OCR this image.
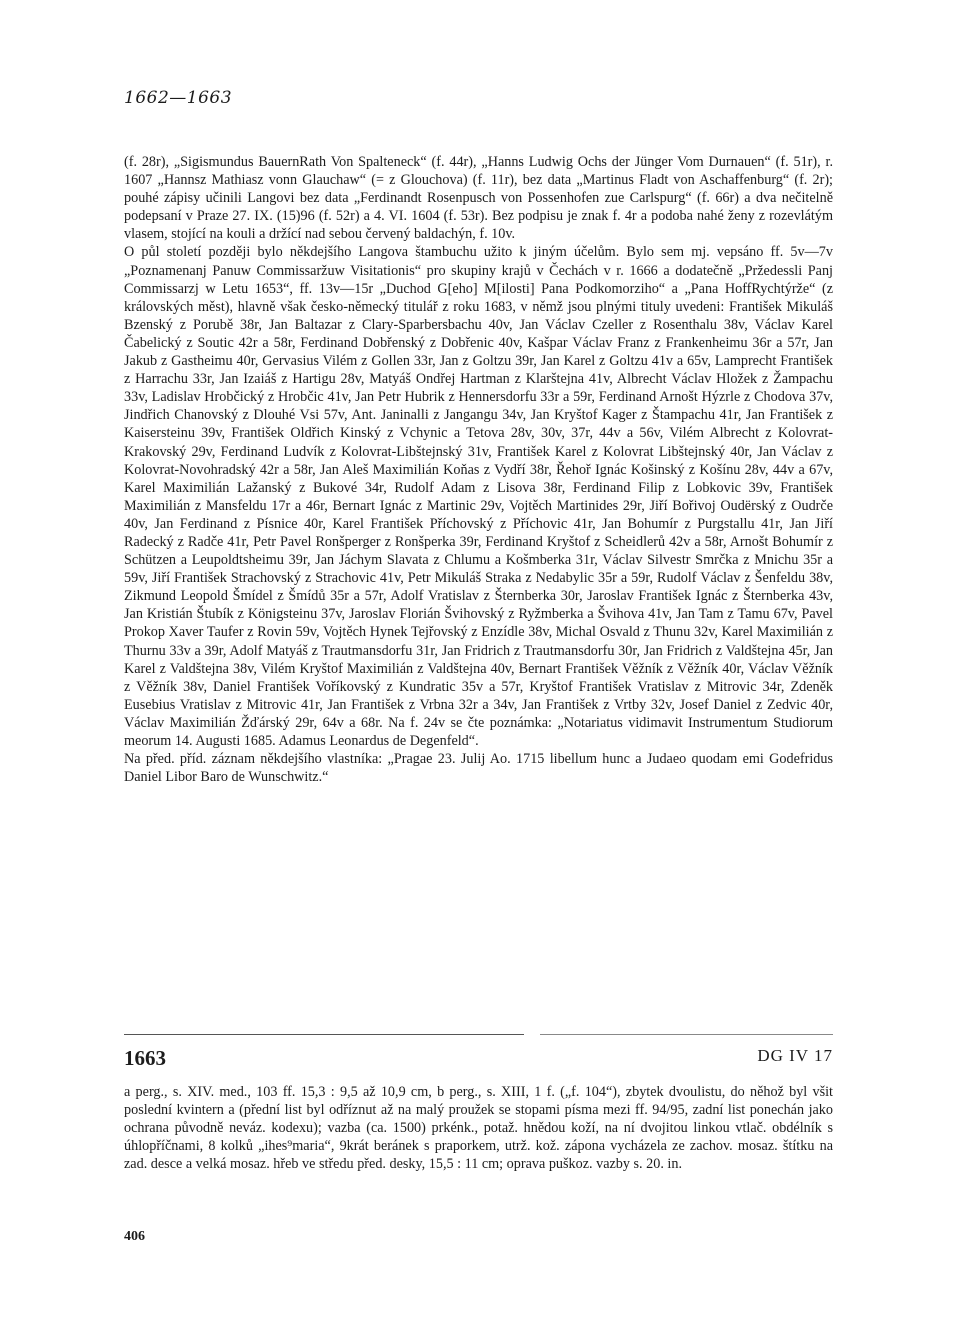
1662—1663

(f. 28r), „Sigismundus BauernRath Von Spalteneck“ (f. 44r), „Hanns Ludwig Ochs der Jünger Vom Durnauen“ (f. 51r), r. 1607 „Hannsz Mathiasz vonn Glauchaw“ (= z Glouchova) (f. 11r), bez data „Martinus Fladt von Aschaffenburg“ (f. 2r); pouhé zápisy učinili Langovi bez data „Ferdinandt Rosenpusch von Possenhofen zue Carlspurg“ (f. 66r) a dva nečitelně podepsaní v Praze 27. IX. (15)96 (f. 52r) a 4. VI. 1604 (f. 53r). Bez podpisu je znak f. 4r a podoba nahé ženy z rozevlátým vlasem, stojící na kouli a držící nad sebou červený baldachýn, f. 10v.

O půl století později bylo někdejšího Langova štambuchu užito k jiným účelům. Bylo sem mj. vepsáno ff. 5v—7v „Poznamenanj Panuw Commissaržuw Visitationis“ pro skupiny krajů v Čechách v r. 1666 a dodatečně „Pržedessli Panj Commissarzj w Letu 1653“, ff. 13v—15r „Duchod G[eho] M[ilosti] Pana Podkomorziho“ a „Pana HoffRychtýrže“ (z královských měst), hlavně však česko-německý titulář z roku 1683, v němž jsou plnými tituly uvedeni: František Mikuláš Bzenský z Porubě 38r, Jan Baltazar z Clary-Sparbersbachu 40v, Jan Václav Czeller z Rosenthalu 38v, Václav Karel Čabelický z Soutic 42r a 58r, Ferdinand Dobřenský z Dobřenic 40v, Kašpar Václav Franz z Frankenheimu 36r a 57r, Jan Jakub z Gastheimu 40r, Gervasius Vilém z Gollen 33r, Jan z Goltzu 39r, Jan Karel z Goltzu 41v a 65v, Lamprecht František z Harrachu 33r, Jan Izaiáš z Hartigu 28v, Matyáš Ondřej Hartman z Klarštejna 41v, Albrecht Václav Hložek z Žampachu 33v, Ladislav Hrobčický z Hrobčic 41v, Jan Petr Hubrik z Hennersdorfu 33r a 59r, Ferdinand Arnošt Hýzrle z Chodova 37v, Jindřich Chanovský z Dlouhé Vsi 57v, Ant. Janinalli z Jangangu 34v, Jan Kryštof Kager z Štampachu 41r, Jan František z Kaisersteinu 39v, František Oldřich Kinský z Vchynic a Tetova 28v, 30v, 37r, 44v a 56v, Vilém Albrecht z Kolovrat-Krakovský 29v, Ferdinand Ludvík z Kolovrat-Libštejnský 31v, František Karel z Kolovrat Libštejnský 40r, Jan Václav z Kolovrat-Novohradský 42r a 58r, Jan Aleš Maximilián Koňas z Vydří 38r, Řehoř Ignác Košinský z Košínu 28v, 44v a 67v, Karel Maximilián Lažanský z Bukové 34r, Rudolf Adam z Lisova 38r, Ferdinand Filip z Lobkovic 39v, František Maximilián z Mansfeldu 17r a 46r, Bernart Ignác z Martinic 29v, Vojtěch Martinides 29r, Jiří Bořivoj Oudërský z Oudrče 40v, Jan Ferdinand z Písnice 40r, Karel František Příchovský z Příchovic 41r, Jan Bohumír z Purgstallu 41r, Jan Jiří Radecký z Radče 41r, Petr Pavel Ronšperger z Ronšperka 39r, Ferdinand Kryštof z Scheidlerů 42v a 58r, Arnošt Bohumír z Schützen a Leupoldtsheimu 39r, Jan Jáchym Slavata z Chlumu a Košmberka 31r, Václav Silvestr Smrčka z Mnichu 35r a 59v, Jiří František Strachovský z Strachovic 41v, Petr Mikuláš Straka z Nedabylic 35r a 59r, Rudolf Václav z Šenfeldu 38v, Zikmund Leopold Šmídel z Šmídů 35r a 57r, Adolf Vratislav z Šternberka 30r, Jaroslav František Ignác z Šternberka 43v, Jan Kristián Štubík z Königsteinu 37v, Jaroslav Florián Švihovský z Ryžmberka a Švihova 41v, Jan Tam z Tamu 67v, Pavel Prokop Xaver Taufer z Rovin 59v, Vojtěch Hynek Tejřovský z Enzídle 38v, Michal Osvald z Thunu 32v, Karel Maximilián z Thurnu 33v a 39r, Adolf Matyáš z Trautmansdorfu 31r, Jan Fridrich z Trautmansdorfu 30r, Jan Fridrich z Valdštejna 45r, Jan Karel z Valdštejna 38v, Vilém Kryštof Maximilián z Valdštejna 40v, Bernart František Věžník z Věžník 40r, Václav Věžník z Věžník 38v, Daniel František Voříkovský z Kundratic 35v a 57r, Kryštof František Vratislav z Mitrovic 34r, Zdeněk Eusebius Vratislav z Mitrovic 41r, Jan František z Vrbna 32r a 34v, Jan František z Vrtby 32v, Josef Daniel z Zedvic 40r, Václav Maximilián Žďárský 29r, 64v a 68r. Na f. 24v se čte poznámka: „Notariatus vidimavit Instrumentum Studiorum meorum 14. Augusti 1685. Adamus Leonardus de Degenfeld“.

Na před. příd. záznam někdejšího vlastníka: „Pragae 23. Julij Ao. 1715 libellum hunc a Judaeo quodam emi Godefridus Daniel Libor Baro de Wunschwitz.“

1663	DG IV 17

a perg., s. XIV. med., 103 ff. 15,3 : 9,5 až 10,9 cm, b perg., s. XIII, 1 f. („f. 104“), zbytek dvoulistu, do něhož byl všit poslední kvintern a (přední list byl odříznut až na malý proužek se stopami písma mezi ff. 94/95, zadní list ponechán jako ochrana původně neváz. kodexu); vazba (ca. 1500) prkénk., potaž. hnědou koží, na ní dvojitou linkou vtlač. obdélník s úhlopříčnami, 8 kolků „ihes⁹maria“, 9krát beránek s praporkem, utrž. kož. zápona vycházela ze zachov. mosaz. štítku na zad. desce a velká mosaz. hřeb ve středu před. desky, 15,5 : 11 cm; oprava puškoz. vazby s. 20. in.

406
